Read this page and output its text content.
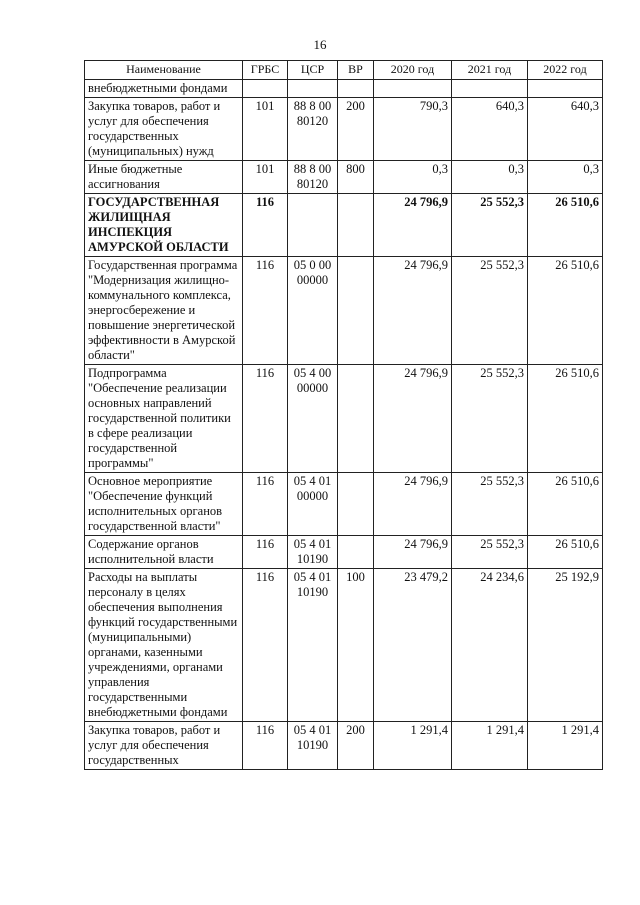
16
Наименование	ГРБС	ЦСР	ВР	2020 год	2021 год	2022 год
внебюджетными фондами						
Закупка товаров, работ и услуг для обеспечения государственных (муниципальных) нужд	101	88 8 00 80120	200	790,3	640,3	640,3
Иные бюджетные ассигнования	101	88 8 00 80120	800	0,3	0,3	0,3
ГОСУДАРСТВЕННАЯ ЖИЛИЩНАЯ ИНСПЕКЦИЯ АМУРСКОЙ ОБЛАСТИ	116			24 796,9	25 552,3	26 510,6
Государственная программа "Модернизация жилищно-коммунального комплекса, энергосбережение и повышение энергетической эффективности в Амурской области"	116	05 0 00 00000		24 796,9	25 552,3	26 510,6
Подпрограмма "Обеспечение реализации основных направлений государственной политики в сфере реализации государственной программы"	116	05 4 00 00000		24 796,9	25 552,3	26 510,6
Основное мероприятие "Обеспечение функций исполнительных органов государственной власти"	116	05 4 01 00000		24 796,9	25 552,3	26 510,6
Содержание органов исполнительной власти	116	05 4 01 10190		24 796,9	25 552,3	26 510,6
Расходы на выплаты персоналу в целях обеспечения выполнения функций государственными (муниципальными) органами, казенными учреждениями, органами управления государственными внебюджетными фондами	116	05 4 01 10190	100	23 479,2	24 234,6	25 192,9
Закупка товаров, работ и услуг для обеспечения государственных	116	05 4 01 10190	200	1 291,4	1 291,4	1 291,4
